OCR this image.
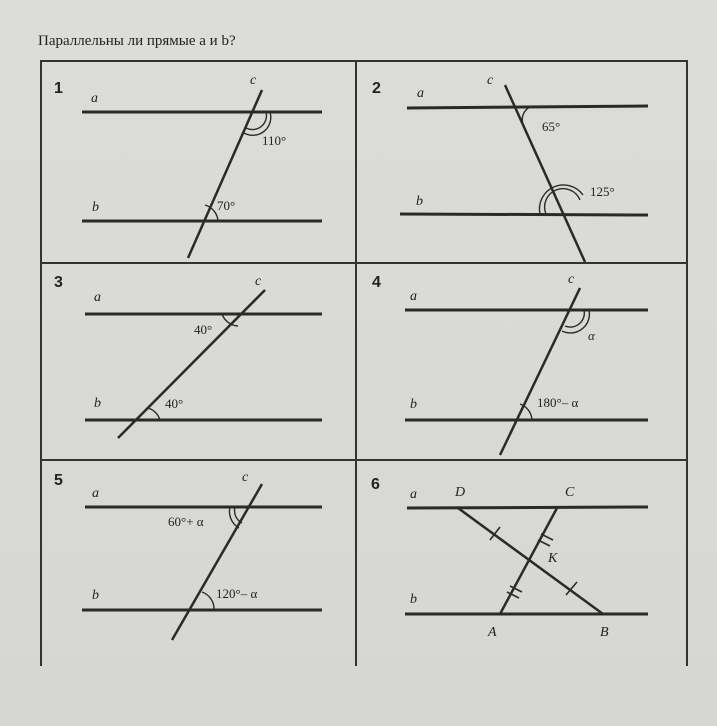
Параллельны ли прямые a и b?
1
a
c
110°
b	70°
2	a
c
65°
125°
b
3
a
c
40°
b	40°
4
a
c
α
b	180°– α
5
a
c
60°+ α
b	120°– α
6
a	D	C
K
b
A	B
